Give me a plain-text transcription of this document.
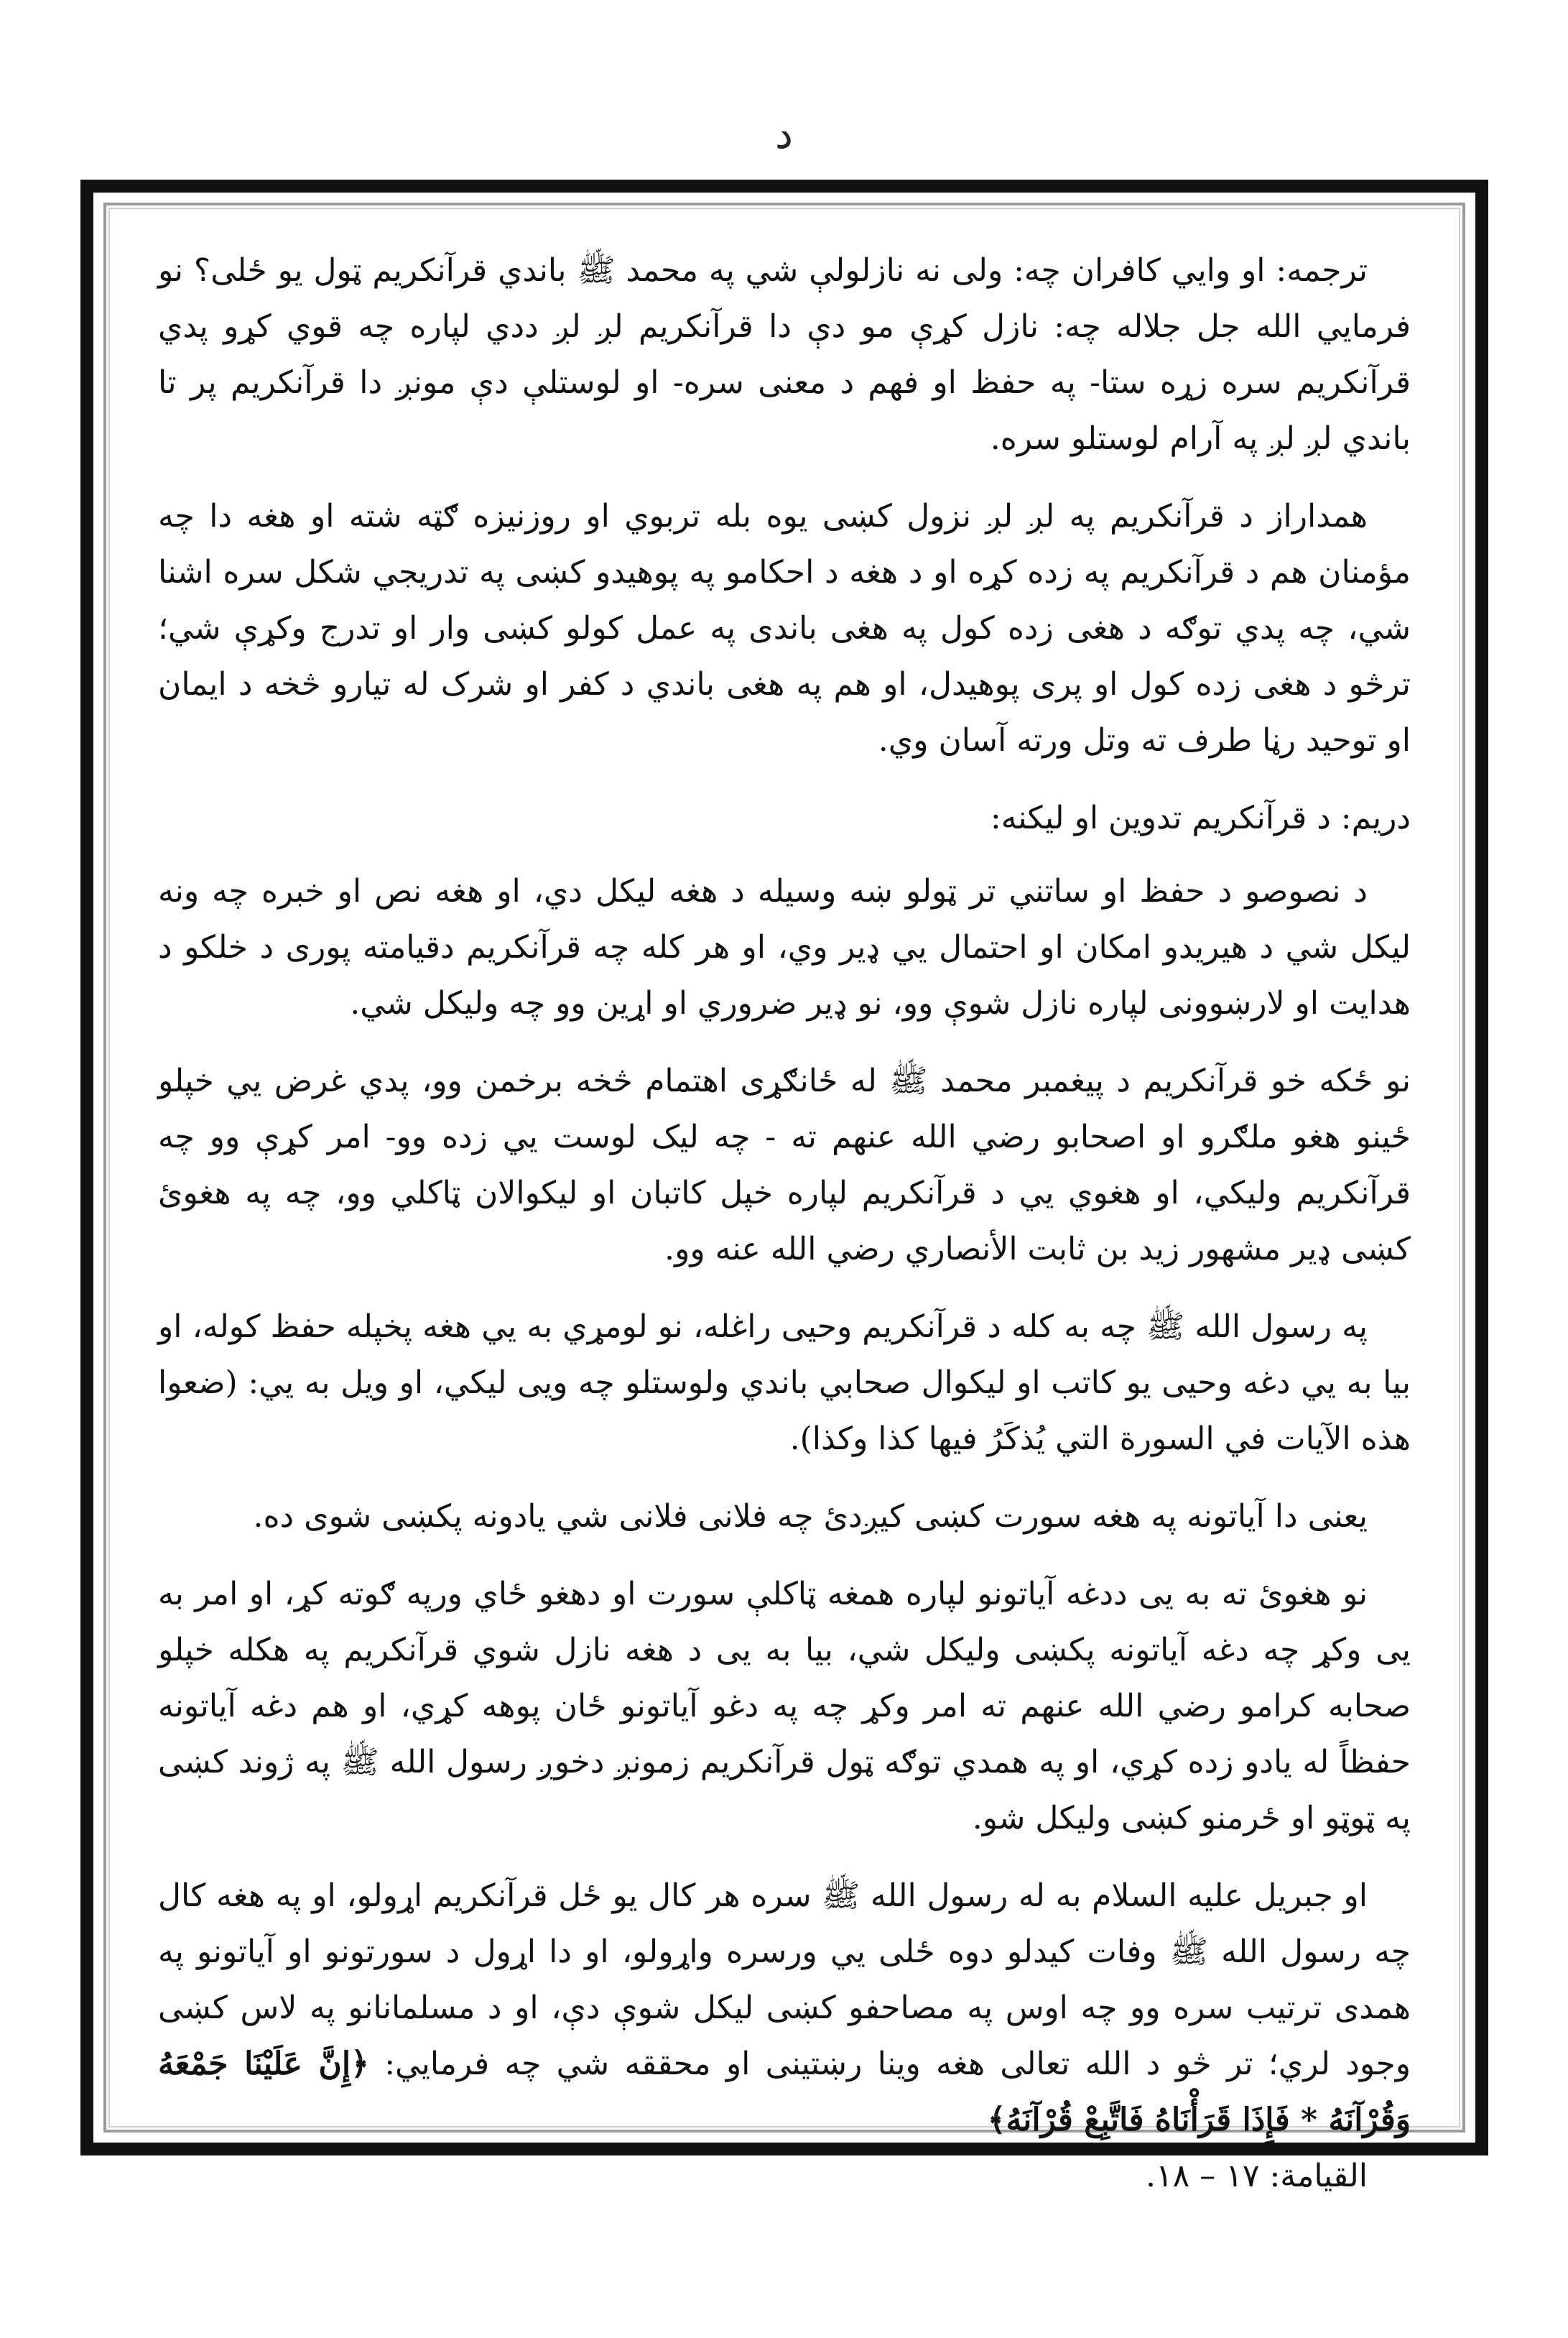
د

ترجمه: او وایي کافران چه: ولی نه نازلولې شي په محمد ﷺ باندي قرآنکریم ټول یو ځلی؟ نو فرمایي الله جل جلاله چه: نازل کړې مو دې دا قرآنکریم لږ لږ ددي لپاره چه قوي کړو پدي قرآنکریم سره زړه ستا- په حفظ او فهم د معنی سره- او لوستلې دې مونږ دا قرآنکریم پر تا باندي لږ لږ په آرام لوستلو سره.

همداراز د قرآنکریم په لږ لږ نزول کښی یوه بله تربوي او روزنیزه ګټه شته او هغه دا چه مؤمنان هم د قرآنکریم په زده کړه او د هغه د احکامو په پوهیدو کښی په تدریجي شکل سره اشنا شي، چه پدي توګه د هغی زده کول په هغی باندی په عمل کولو کښی وار او تدرج وکړې شي؛ ترڅو د هغی زده کول او پری پوهیدل، او هم په هغی باندي د کفر او شرک له تیارو څخه د ایمان او توحید رڼا طرف ته وتل ورته آسان وي.

دریم: د قرآنکریم تدوین او لیکنه:

د نصوصو د حفظ او ساتني تر ټولو ښه وسیله د هغه لیکل دي، او هغه نص او خبره چه ونه لیکل شي د هیریدو امکان او احتمال یي ډیر وي، او هر کله چه قرآنکریم دقیامته پوری د خلکو د هدایت او لارښوونی لپاره نازل شوې وو، نو ډیر ضروري او اړین وو چه ولیکل شي.

نو ځکه خو قرآنکریم د پیغمبر محمد ﷺ له ځانګړی اهتمام څخه برخمن وو، پدي غرض یي خپلو ځینو هغو ملګرو او اصحابو رضي الله عنهم ته - چه لیک لوست یي زده وو- امر کړې وو چه قرآنکریم ولیکي، او هغوي یي د قرآنکریم لپاره خپل کاتبان او لیکوالان ټاکلي وو، چه په هغوئ کښی ډیر مشهور زید بن ثابت الأنصاري رضي الله عنه وو.

په رسول الله ﷺ چه به کله د قرآنکریم وحیی راغله، نو لومړي به یي هغه پخپله حفظ کوله، او بیا به یي دغه وحیی یو کاتب او لیکوال صحابي باندي ولوستلو چه ویی لیکي، او ویل به یي: (ضعوا هذه الآیات في السورة التي یُذکَرُ فیها کذا وکذا).

یعنی دا آیاتونه په هغه سورت کښی کیږدئ چه فلانی فلانی شي یادونه پکښی شوی ده.

نو هغوئ ته به یی ددغه آیاتونو لپاره همغه ټاکلې سورت او دهغو ځاي ورپه ګوته کړ، او امر به یی وکړ چه دغه آیاتونه پکښی ولیکل شي، بیا به یی د هغه نازل شوي قرآنکریم په هکله خپلو صحابه کرامو رضي الله عنهم ته امر وکړ چه په دغو آیاتونو ځان پوهه کړي، او هم دغه آیاتونه حفظاً له یادو زده کړي، او په همدي توګه ټول قرآنکریم زمونږ دخوږ رسول الله ﷺ په ژوند کښی په ټوټو او ځرمنو کښی ولیکل شو.

او جبریل علیه السلام به له رسول الله ﷺ سره هر کال یو ځل قرآنکریم اړولو، او په هغه کال چه رسول الله ﷺ وفات کیدلو دوه ځلی یي ورسره واړولو، او دا اړول د سورتونو او آیاتونو په همدی ترتیب سره وو چه اوس په مصاحفو کښی لیکل شوې دې، او د مسلمانانو په لاس کښی وجود لري؛ تر څو د الله تعالی هغه وینا رښتینی او محققه شي چه فرمایي: ﴿إِنَّ عَلَيْنَا جَمْعَهُ وَقُرْآنَهُ * فَإِذَا قَرَأْنَاهُ فَاتَّبِعْ قُرْآنَهُ﴾
القیامة: ١٧ – ١٨.
